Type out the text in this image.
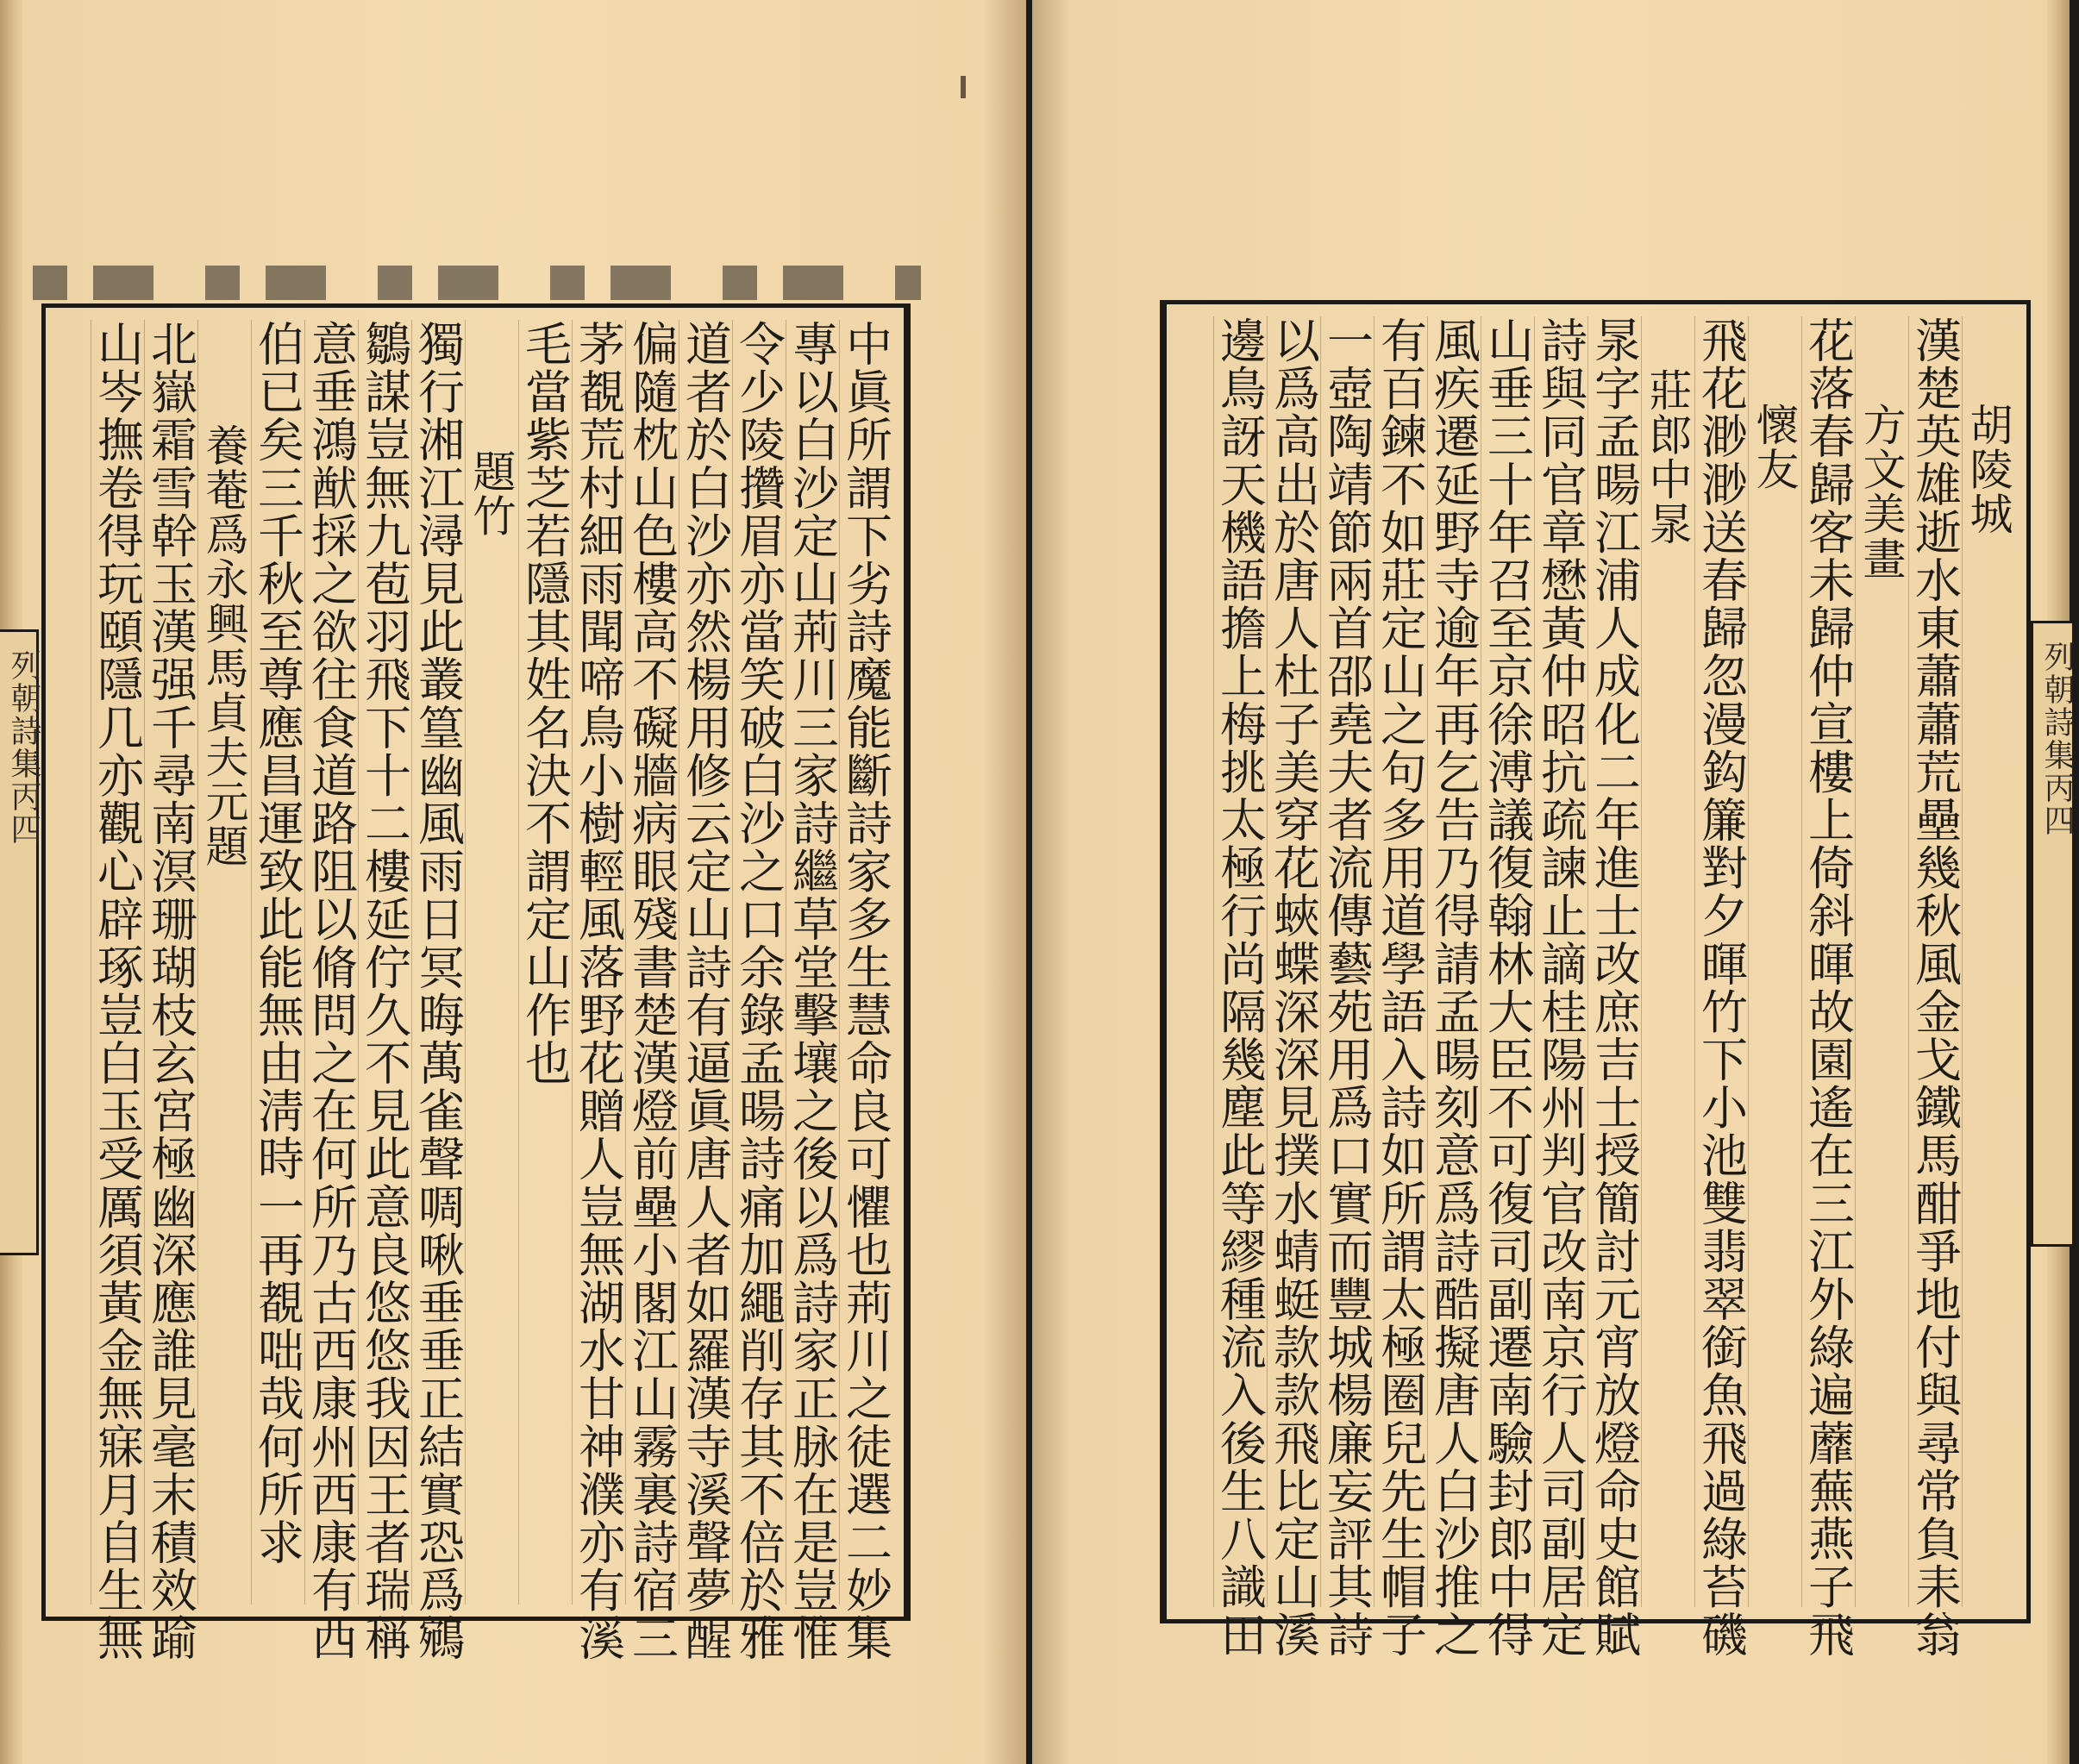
中眞所謂下劣詩魔能斷詩家多生慧命良可懼也荊川之徒選二妙集
專以白沙定山荊川三家詩繼草堂擊壤之後以爲詩家正脉在是豈惟
令少陵攢眉亦當笑破白沙之口余錄孟暘詩痛加繩削存其不倍於雅
道者於白沙亦然楊用修云定山詩有逼眞唐人者如羅漢寺溪聲夢醒
偏隨枕山色樓高不礙牆病眼殘書楚漢燈前壘小閣江山霧裏詩宿三
茅覩荒村細雨聞啼鳥小樹輕風落野花贈人豈無湖水甘神濮亦有溪
毛當紫芝若隱其姓名決不謂定山作也
題竹
獨行湘江潯見此叢篁幽風雨日冥晦萬雀聲啁啾垂垂正結實恐爲鵷
鶵謀豈無九苞羽飛下十二樓延佇久不見此意良悠悠我因王者瑞稱
意垂鴻猷採之欲往食道路阻以脩問之在何所乃古西康州西康有西
伯已矣三千秋至尊應昌運致此能無由淸時一再覩咄哉何所求
養菴爲永興馬貞夫元題
北嶽霜雪幹玉漢强千尋南溟珊瑚枝玄宮極幽深應誰見毫末積效踰
山岑撫卷得玩頤隱几亦觀心辟琢豈白玉受厲須黃金無寐月自生無
列朝詩集丙四
胡陵城
漢楚英雄逝水東蕭蕭荒壘幾秋風金戈鐵馬酣爭地付與尋常負耒翁
方文美畫
花落春歸客未歸仲宣樓上倚斜暉故園遙在三江外綠遍蘼蕪燕子飛
懷友
飛花渺渺送春歸忽漫鈎簾對夕暉竹下小池雙翡翠銜魚飛過綠苔磯
莊郎中㫤
㫤字孟暘江浦人成化二年進士改庶吉士授簡討元宵放燈命史館賦
詩與同官章懋黃仲昭抗疏諫止謫桂陽州判官改南京行人司副居定
山垂三十年召至京徐溥議復翰林大臣不可復司副遷南驗封郎中得
風疾遷延野寺逾年再乞告乃得請孟暘刻意爲詩酷擬唐人白沙推之
有百鍊不如莊定山之句多用道學語入詩如所謂太極圈兒先生帽子
一壺陶靖節兩首邵堯夫者流傳藝苑用爲口實而豐城楊廉妄評其詩
以爲高出於唐人杜子美穿花蛺蝶深深見撲水蜻蜓款款飛比定山溪
邊鳥訝天機語擔上梅挑太極行尚隔幾塵此等繆種流入後生八識田	列朝詩集丙四
